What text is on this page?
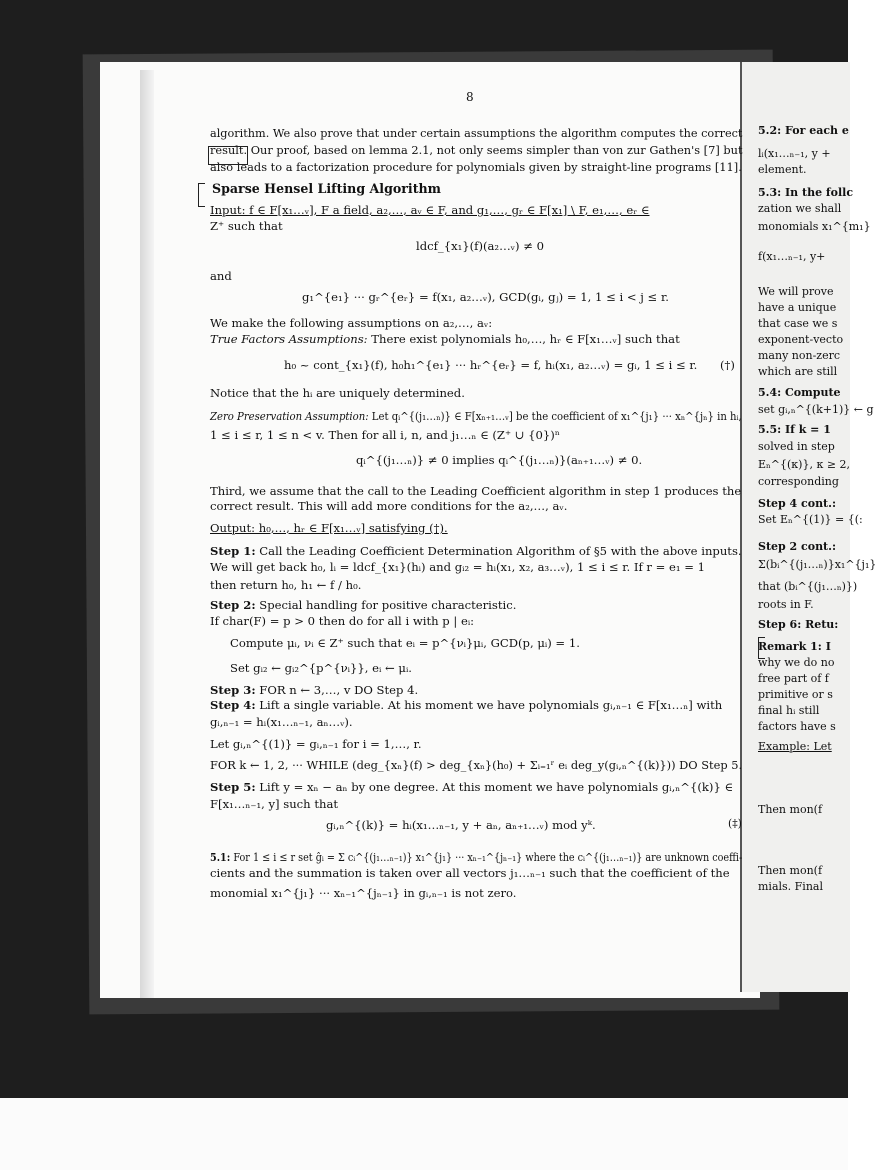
5.2: For each e
lᵢ(x₁…ₙ₋₁, y +
element.
5.3: In the follc
zation we shall
monomials x₁^{m₁}
f(x₁…ₙ₋₁, y+
We will prove
have a unique
that case we s
exponent-vecto
many non-zerc
which are still
5.4: Compute
set gᵢ,ₙ^{(k+1)} ← g
5.5: If k = 1
solved in step
Eₙ^{(κ)}, κ ≥ 2,
corresponding
Step 4 cont.:
Set Eₙ^{(1)} = {(:
Step 2 cont.:
Σ(bᵢ^{(j₁…ₙ)}x₁^{j₁}
that (bᵢ^{(j₁…ₙ)})
roots in F.
Step 6: Retu:
Remark 1: I
why we do no
free part of f
primitive or s
final hᵢ still
factors have s
Example: Let
Then mon(f
Then mon(f
mials. Final
8
Sparse Hensel Lifting Algorithm
(†)
(‡)
algorithm. We also prove that under certain assumptions the algorithm computes the correct
result. Our proof, based on lemma 2.1, not only seems simpler than von zur Gathen's [7] but
also leads to a factorization procedure for polynomials given by straight-line programs [11].
Input: f ∈ F[x₁…ᵥ], F a field, a₂,…, aᵥ ∈ F, and g₁,…, gᵣ ∈ F[x₁] \ F, e₁,…, eᵣ ∈
Z⁺ such that
ldcf_{x₁}(f)(a₂…ᵥ) ≠ 0
and
g₁^{e₁} ··· gᵣ^{eᵣ} = f(x₁, a₂…ᵥ), GCD(gᵢ, gⱼ) = 1, 1 ≤ i < j ≤ r.
We make the following assumptions on a₂,…, aᵥ:
h₀ ~ cont_{x₁}(f), h₀h₁^{e₁} ··· hᵣ^{eᵣ} = f, hᵢ(x₁, a₂…ᵥ) = gᵢ, 1 ≤ i ≤ r.
Notice that the hᵢ are uniquely determined.
1 ≤ i ≤ r, 1 ≤ n < v. Then for all i, n, and j₁…ₙ ∈ (Z⁺ ∪ {0})ⁿ
qᵢ^{(j₁…ₙ)} ≠ 0 implies qᵢ^{(j₁…ₙ)}(aₙ₊₁…ᵥ) ≠ 0.
Third, we assume that the call to the Leading Coefficient algorithm in step 1 produces the
correct result. This will add more conditions for the a₂,…, aᵥ.
Output: h₀,…, hᵣ ∈ F[x₁…ᵥ] satisfying (†).
Step 1: Call the Leading Coefficient Determination Algorithm of §5 with the above inputs.
We will get back h₀, lᵢ = ldcf_{x₁}(hᵢ) and gᵢ₂ = hᵢ(x₁, x₂, a₃…ᵥ), 1 ≤ i ≤ r. If r = e₁ = 1
then return h₀, h₁ ← f / h₀.
Step 2: Special handling for positive characteristic.
If char(F) = p > 0 then do for all i with p | eᵢ:
Compute μᵢ, νᵢ ∈ Z⁺ such that eᵢ = p^{νᵢ}μᵢ, GCD(p, μᵢ) = 1.
Set gᵢ₂ ← gᵢ₂^{p^{νᵢ}}, eᵢ ← μᵢ.
Step 3: FOR n ← 3,…, v DO Step 4.
Step 4: Lift a single variable. At his moment we have polynomials gᵢ,ₙ₋₁ ∈ F[x₁…ₙ] with
gᵢ,ₙ₋₁ = hᵢ(x₁…ₙ₋₁, aₙ…ᵥ).
Let gᵢ,ₙ^{(1)} = gᵢ,ₙ₋₁ for i = 1,…, r.
FOR k ← 1, 2, ··· WHILE (deg_{xₙ}(f) > deg_{xₙ}(h₀) + Σᵢ₌₁ʳ eᵢ deg_y(gᵢ,ₙ^{(k)})) DO Step 5.
Step 5: Lift y = xₙ − aₙ by one degree. At this moment we have polynomials gᵢ,ₙ^{(k)} ∈
F[x₁…ₙ₋₁, y] such that
gᵢ,ₙ^{(k)} = hᵢ(x₁…ₙ₋₁, y + aₙ, aₙ₊₁…ᵥ) mod yᵏ.
5.1: For 1 ≤ i ≤ r set ĝᵢ = Σ cᵢ^{(j₁…ₙ₋₁)} x₁^{j₁} ··· xₙ₋₁^{jₙ₋₁} where the cᵢ^{(j₁…ₙ₋₁)} are unknown coeffi-
cients and the summation is taken over all vectors j₁…ₙ₋₁ such that the coefficient of the
monomial x₁^{j₁} ··· xₙ₋₁^{jₙ₋₁} in gᵢ,ₙ₋₁ is not zero.
True Factors Assumptions: There exist polynomials h₀,…, hᵣ ∈ F[x₁…ᵥ] such that
Zero Preservation Assumption: Let qᵢ^{(j₁…ₙ)} ∈ F[xₙ₊₁…ᵥ] be the coefficient of x₁^{j₁} ··· xₙ^{jₙ} in hᵢ,
